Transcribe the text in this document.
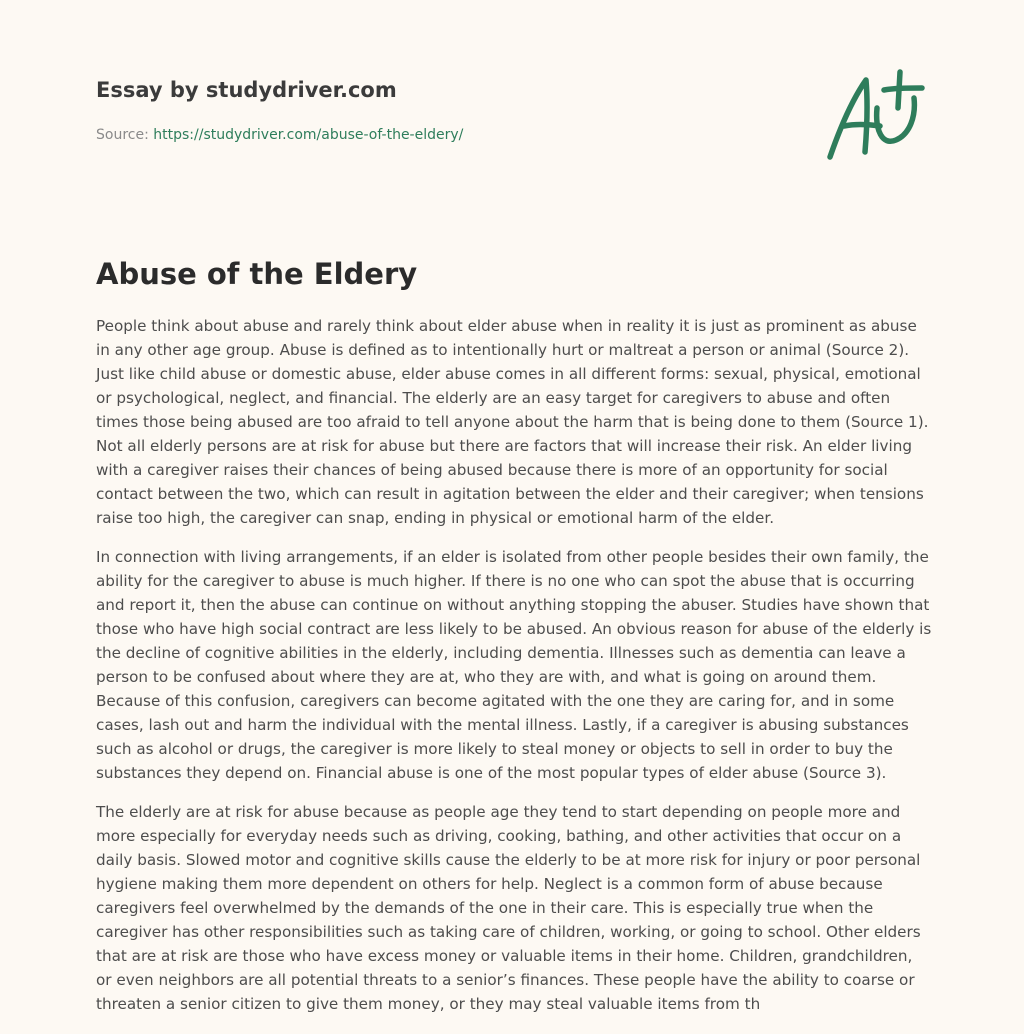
Essay by studydriver.com
Source: https://studydriver.com/abuse-of-the-eldery/
Abuse of the Eldery

People think about abuse and rarely think about elder abuse when in reality it is just as prominent as abuse in any other age group. Abuse is defined as to intentionally hurt or maltreat a person or animal (Source 2). Just like child abuse or domestic abuse, elder abuse comes in all different forms: sexual, physical, emotional or psychological, neglect, and financial. The elderly are an easy target for caregivers to abuse and often times those being abused are too afraid to tell anyone about the harm that is being done to them (Source 1). Not all elderly persons are at risk for abuse but there are factors that will increase their risk. An elder living with a caregiver raises their chances of being abused because there is more of an opportunity for social contact between the two, which can result in agitation between the elder and their caregiver; when tensions raise too high, the caregiver can snap, ending in physical or emotional harm of the elder.

In connection with living arrangements, if an elder is isolated from other people besides their own family, the ability for the caregiver to abuse is much higher. If there is no one who can spot the abuse that is occurring and report it, then the abuse can continue on without anything stopping the abuser. Studies have shown that those who have high social contract are less likely to be abused. An obvious reason for abuse of the elderly is the decline of cognitive abilities in the elderly, including dementia. Illnesses such as dementia can leave a person to be confused about where they are at, who they are with, and what is going on around them. Because of this confusion, caregivers can become agitated with the one they are caring for, and in some cases, lash out and harm the individual with the mental illness. Lastly, if a caregiver is abusing substances such as alcohol or drugs, the caregiver is more likely to steal money or objects to sell in order to buy the substances they depend on. Financial abuse is one of the most popular types of elder abuse (Source 3).

The elderly are at risk for abuse because as people age they tend to start depending on people more and more especially for everyday needs such as driving, cooking, bathing, and other activities that occur on a daily basis. Slowed motor and cognitive skills cause the elderly to be at more risk for injury or poor personal hygiene making them more dependent on others for help. Neglect is a common form of abuse because caregivers feel overwhelmed by the demands of the one in their care. This is especially true when the caregiver has other responsibilities such as taking care of children, working, or going to school. Other elders that are at risk are those who have excess money or valuable items in their home. Children, grandchildren, or even neighbors are all potential threats to a senior’s finances. These people have the ability to coarse or threaten a senior citizen to give them money, or they may steal valuable items from th
